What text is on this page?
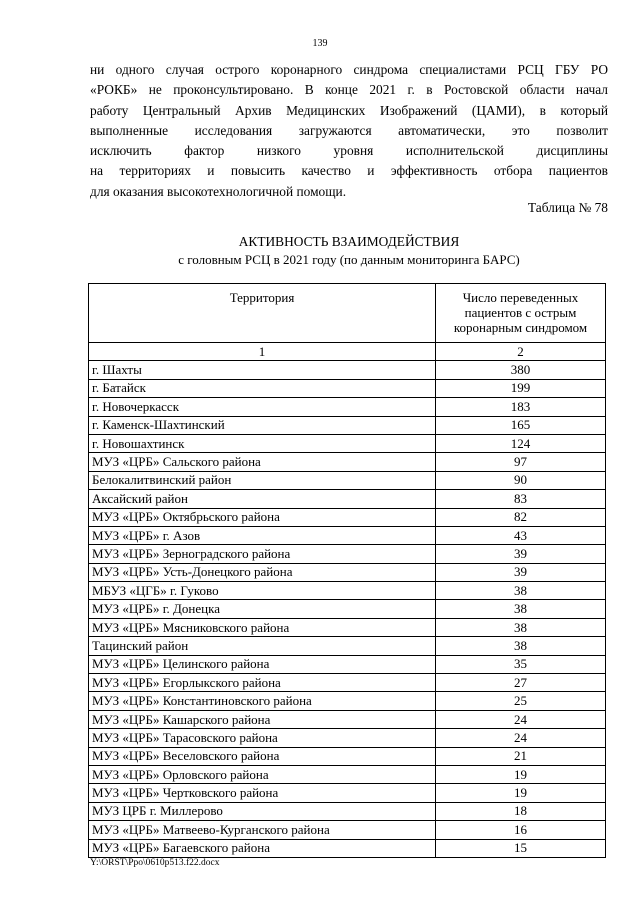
139
ни одного случая острого коронарного синдрома специалистами РСЦ ГБУ РО
«РОКБ» не проконсультировано. В конце 2021 г. в Ростовской области начал
работу Центральный Архив Медицинских Изображений (ЦАМИ), в который
выполненные исследования загружаются автоматически, это позволит
исключить фактор низкого уровня исполнительской дисциплины
на территориях и повысить качество и эффективность отбора пациентов
для оказания высокотехнологичной помощи.
Таблица № 78
АКТИВНОСТЬ ВЗАИМОДЕЙСТВИЯ
с головным РСЦ в 2021 году (по данным мониторинга БАРС)
Территория	Число переведенных пациентов с острым коронарным синдромом
1	2
г. Шахты	380
г. Батайск	199
г. Новочеркасск	183
г. Каменск-Шахтинский	165
г. Новошахтинск	124
МУЗ «ЦРБ» Сальского района	97
Белокалитвинский район	90
Аксайский район	83
МУЗ «ЦРБ» Октябрьского района	82
МУЗ «ЦРБ» г. Азов	43
МУЗ «ЦРБ» Зерноградского района	39
МУЗ «ЦРБ» Усть-Донецкого района	39
МБУЗ «ЦГБ» г. Гуково	38
МУЗ «ЦРБ» г. Донецка	38
МУЗ «ЦРБ» Мясниковского района	38
Тацинский район	38
МУЗ «ЦРБ» Целинского района	35
МУЗ «ЦРБ» Егорлыкского района	27
МУЗ «ЦРБ» Константиновского района	25
МУЗ «ЦРБ» Кашарского района	24
МУЗ «ЦРБ» Тарасовского района	24
МУЗ «ЦРБ» Веселовского района	21
МУЗ «ЦРБ» Орловского района	19
МУЗ «ЦРБ» Чертковского района	19
МУЗ ЦРБ г. Миллерово	18
МУЗ «ЦРБ» Матвеево-Курганского района	16
МУЗ «ЦРБ» Багаевского района	15
Y:\ORST\Ppo\0610p513.f22.docx
